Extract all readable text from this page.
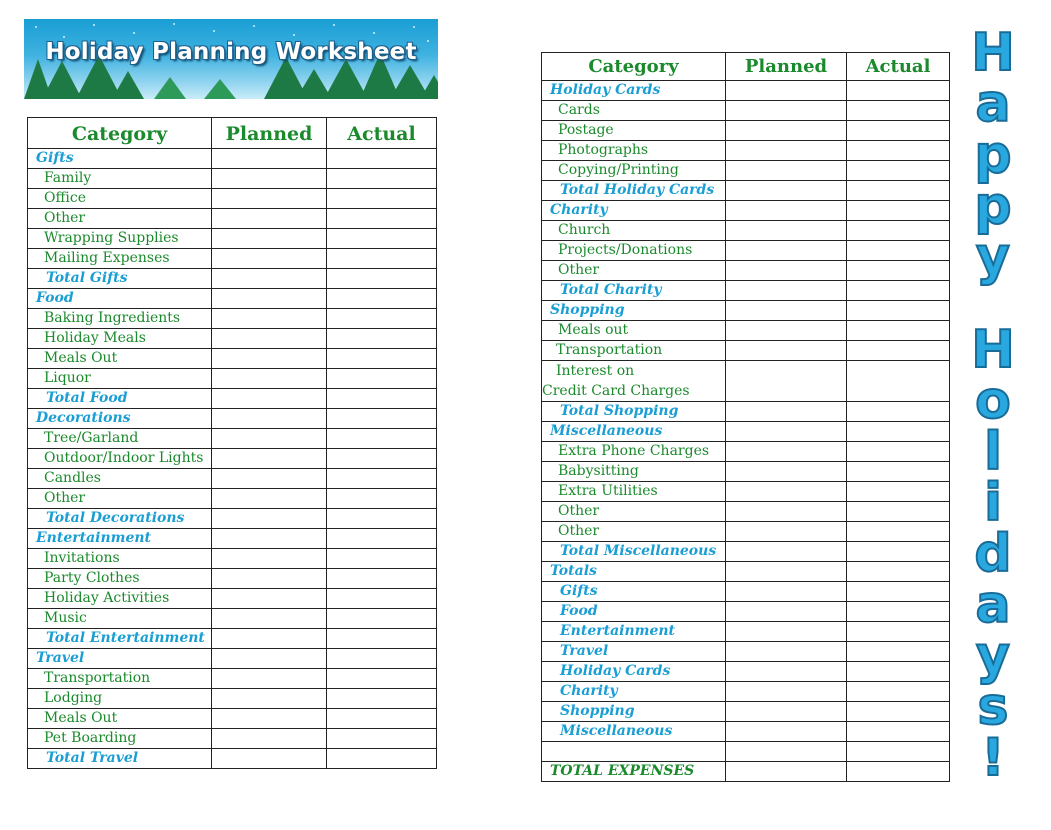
Holiday Planning Worksheet
Category	Planned	Actual
Gifts		
Family		
Office		
Other		
Wrapping Supplies		
Mailing Expenses		
Total Gifts		
Food		
Baking Ingredients		
Holiday Meals		
Meals Out		
Liquor		
Total Food		
Decorations		
Tree/Garland		
Outdoor/Indoor Lights		
Candles		
Other		
Total Decorations		
Entertainment		
Invitations		
Party Clothes		
Holiday Activities		
Music		
Total Entertainment		
Travel		
Transportation		
Lodging		
Meals Out		
Pet Boarding		
Total Travel		
Category	Planned	Actual
Holiday Cards		
Cards		
Postage		
Photographs		
Copying/Printing		
Total Holiday Cards		
Charity		
Church		
Projects/Donations		
Other		
Total Charity		
Shopping		
Meals out		
Transportation		
Interest on
Credit Card Charges		
Total Shopping		
Miscellaneous		
Extra Phone Charges		
Babysitting		
Extra Utilities		
Other		
Other		
Total Miscellaneous		
Totals		
Gifts		
Food		
Entertainment		
Travel		
Holiday Cards		
Charity		
Shopping		
Miscellaneous		

TOTAL EXPENSES		
H
a
p
p
y
H
o
l
i
d
a
y
s
!
